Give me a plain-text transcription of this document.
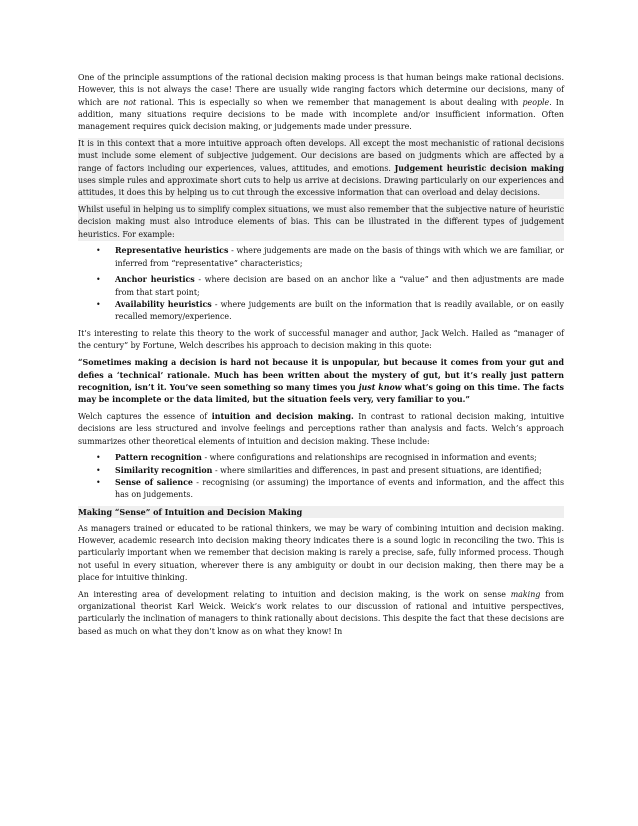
One of the principle assumptions of the rational decision making process is that human beings make rational decisions. However, this is not always the case! There are usually wide ranging factors which determine our decisions, many of which are not rational. This is especially so when we remember that management is about dealing with people. In addition, many situations require decisions to be made with incomplete and/or insufficient information. Often management requires quick decision making, or judgements made under pressure.

It is in this context that a more intuitive approach often develops. All except the most mechanistic of rational decisions must include some element of subjective judgement. Our decisions are based on judgments which are affected by a range of factors including our experiences, values, attitudes, and emotions. Judgement heuristic decision making uses simple rules and approximate short cuts to help us arrive at decisions. Drawing particularly on our experiences and attitudes, it does this by helping us to cut through the excessive information that can overload and delay decisions.

Whilst useful in helping us to simplify complex situations, we must also remember that the subjective nature of heuristic decision making must also introduce elements of bias. This can be illustrated in the different types of judgement heuristics. For example:

• Representative heuristics - where judgements are made on the basis of things with which we are familiar, or inferred from “representative” characteristics;
• Anchor heuristics - where decision are based on an anchor like a “value” and then adjustments are made from that start point;
• Availability heuristics - where judgements are built on the information that is readily available, or on easily recalled memory/experience.

It’s interesting to relate this theory to the work of successful manager and author, Jack Welch. Hailed as “manager of the century” by Fortune, Welch describes his approach to decision making in this quote:

“Sometimes making a decision is hard not because it is unpopular, but because it comes from your gut and defies a ‘technical’ rationale. Much has been written about the mystery of gut, but it’s really just pattern recognition, isn’t it. You’ve seen something so many times you just know what’s going on this time. The facts may be incomplete or the data limited, but the situation feels very, very familiar to you.”

Welch captures the essence of intuition and decision making. In contrast to rational decision making, intuitive decisions are less structured and involve feelings and perceptions rather than analysis and facts. Welch’s approach summarizes other theoretical elements of intuition and decision making. These include:

• Pattern recognition - where configurations and relationships are recognised in information and events;
• Similarity recognition - where similarities and differences, in past and present situations, are identified;
• Sense of salience - recognising (or assuming) the importance of events and information, and the affect this has on judgements.

Making “Sense” of Intuition and Decision Making

As managers trained or educated to be rational thinkers, we may be wary of combining intuition and decision making. However, academic research into decision making theory indicates there is a sound logic in reconciling the two. This is particularly important when we remember that decision making is rarely a precise, safe, fully informed process. Though not useful in every situation, wherever there is any ambiguity or doubt in our decision making, then there may be a place for intuitive thinking.

An interesting area of development relating to intuition and decision making, is the work on sense making from organizational theorist Karl Weick. Weick’s work relates to our discussion of rational and intuitive perspectives, particularly the inclination of managers to think rationally about decisions. This despite the fact that these decisions are based as much on what they don’t know as on what they know! In
